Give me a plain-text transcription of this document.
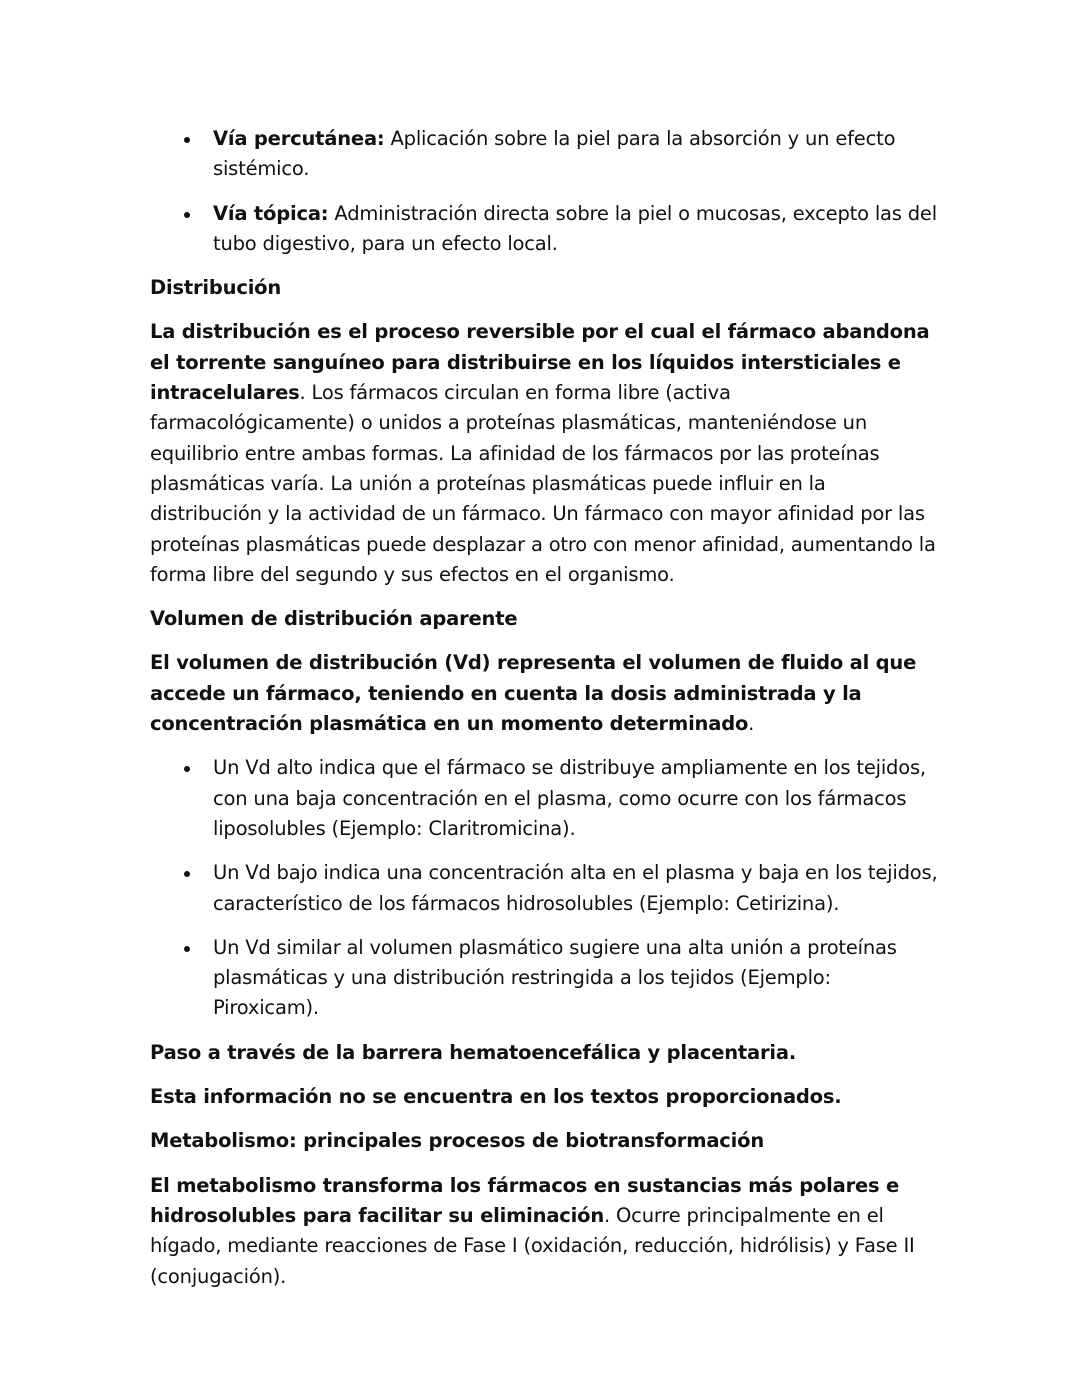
Vía percutánea: Aplicación sobre la piel para la absorción y un efecto sistémico.
Vía tópica: Administración directa sobre la piel o mucosas, excepto las del tubo digestivo, para un efecto local.

Distribución

La distribución es el proceso reversible por el cual el fármaco abandona el torrente sanguíneo para distribuirse en los líquidos intersticiales e intracelulares. Los fármacos circulan en forma libre (activa farmacológicamente) o unidos a proteínas plasmáticas, manteniéndose un equilibrio entre ambas formas. La afinidad de los fármacos por las proteínas plasmáticas varía. La unión a proteínas plasmáticas puede influir en la distribución y la actividad de un fármaco. Un fármaco con mayor afinidad por las proteínas plasmáticas puede desplazar a otro con menor afinidad, aumentando la forma libre del segundo y sus efectos en el organismo.

Volumen de distribución aparente

El volumen de distribución (Vd) representa el volumen de fluido al que accede un fármaco, teniendo en cuenta la dosis administrada y la concentración plasmática en un momento determinado.

Un Vd alto indica que el fármaco se distribuye ampliamente en los tejidos, con una baja concentración en el plasma, como ocurre con los fármacos liposolubles (Ejemplo: Claritromicina).
Un Vd bajo indica una concentración alta en el plasma y baja en los tejidos, característico de los fármacos hidrosolubles (Ejemplo: Cetirizina).
Un Vd similar al volumen plasmático sugiere una alta unión a proteínas plasmáticas y una distribución restringida a los tejidos (Ejemplo: Piroxicam).

Paso a través de la barrera hematoencefálica y placentaria.

Esta información no se encuentra en los textos proporcionados.

Metabolismo: principales procesos de biotransformación

El metabolismo transforma los fármacos en sustancias más polares e hidrosolubles para facilitar su eliminación. Ocurre principalmente en el hígado, mediante reacciones de Fase I (oxidación, reducción, hidrólisis) y Fase II (conjugación).
